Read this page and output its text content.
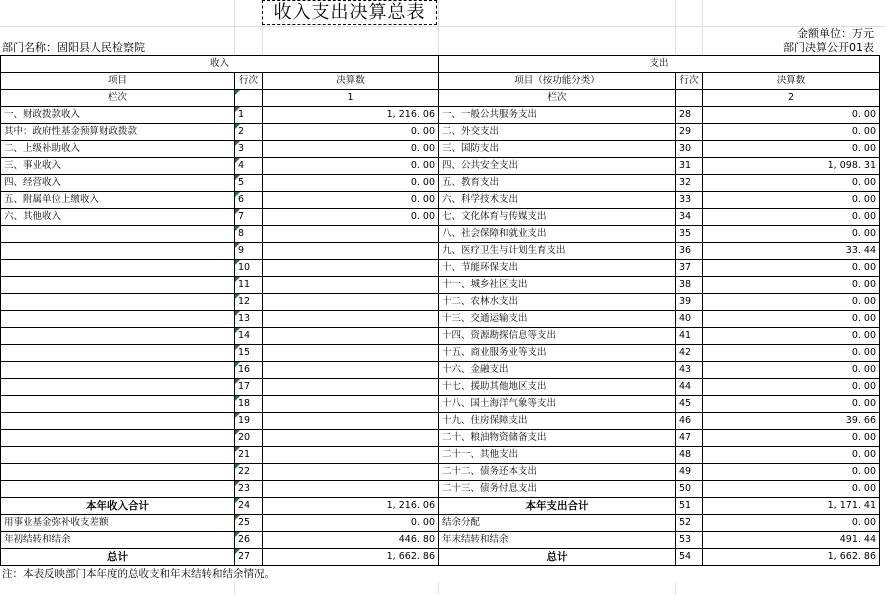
收入支出决算总表
金额单位：万元
部门名称：固阳县人民检察院	部门决算公开01表
收入			支出		
项目	行次	决算数	项目（按功能分类）	行次	决算数
栏次		1	栏次		2
一、财政拨款收入	1	1, 216. 06	一、一般公共服务支出	28	0. 00
其中：政府性基金预算财政拨款	2	0. 00	二、外交支出	29	0. 00
二、上级补助收入	3	0. 00	三、国防支出	30	0. 00
三、事业收入	4	0. 00	四、公共安全支出	31	1, 098. 31
四、经营收入	5	0. 00	五、教育支出	32	0. 00
五、附属单位上缴收入	6	0. 00	六、科学技术支出	33	0. 00
六、其他收入	7	0. 00	七、文化体育与传媒支出	34	0. 00
	8		八、社会保障和就业支出	35	0. 00
	9		九、医疗卫生与计划生育支出	36	33. 44
	10		十、节能环保支出	37	0. 00
	11		十一、城乡社区支出	38	0. 00
	12		十二、农林水支出	39	0. 00
	13		十三、交通运输支出	40	0. 00
	14		十四、资源勘探信息等支出	41	0. 00
	15		十五、商业服务业等支出	42	0. 00
	16		十六、金融支出	43	0. 00
	17		十七、援助其他地区支出	44	0. 00
	18		十八、国土海洋气象等支出	45	0. 00
	19		十九、住房保障支出	46	39. 66
	20		二十、粮油物资储备支出	47	0. 00
	21		二十一、其他支出	48	0. 00
	22		二十二、债务还本支出	49	0. 00
	23		二十三、债务付息支出	50	0. 00
本年收入合计	24	1, 216. 06	本年支出合计	51	1, 171. 41
用事业基金弥补收支差额	25	0. 00	结余分配	52	0. 00
年初结转和结余	26	446. 80	年末结转和结余	53	491. 44
总计	27	1, 662. 86	总计	54	1, 662. 86
注：本表反映部门本年度的总收支和年末结转和结余情况。
